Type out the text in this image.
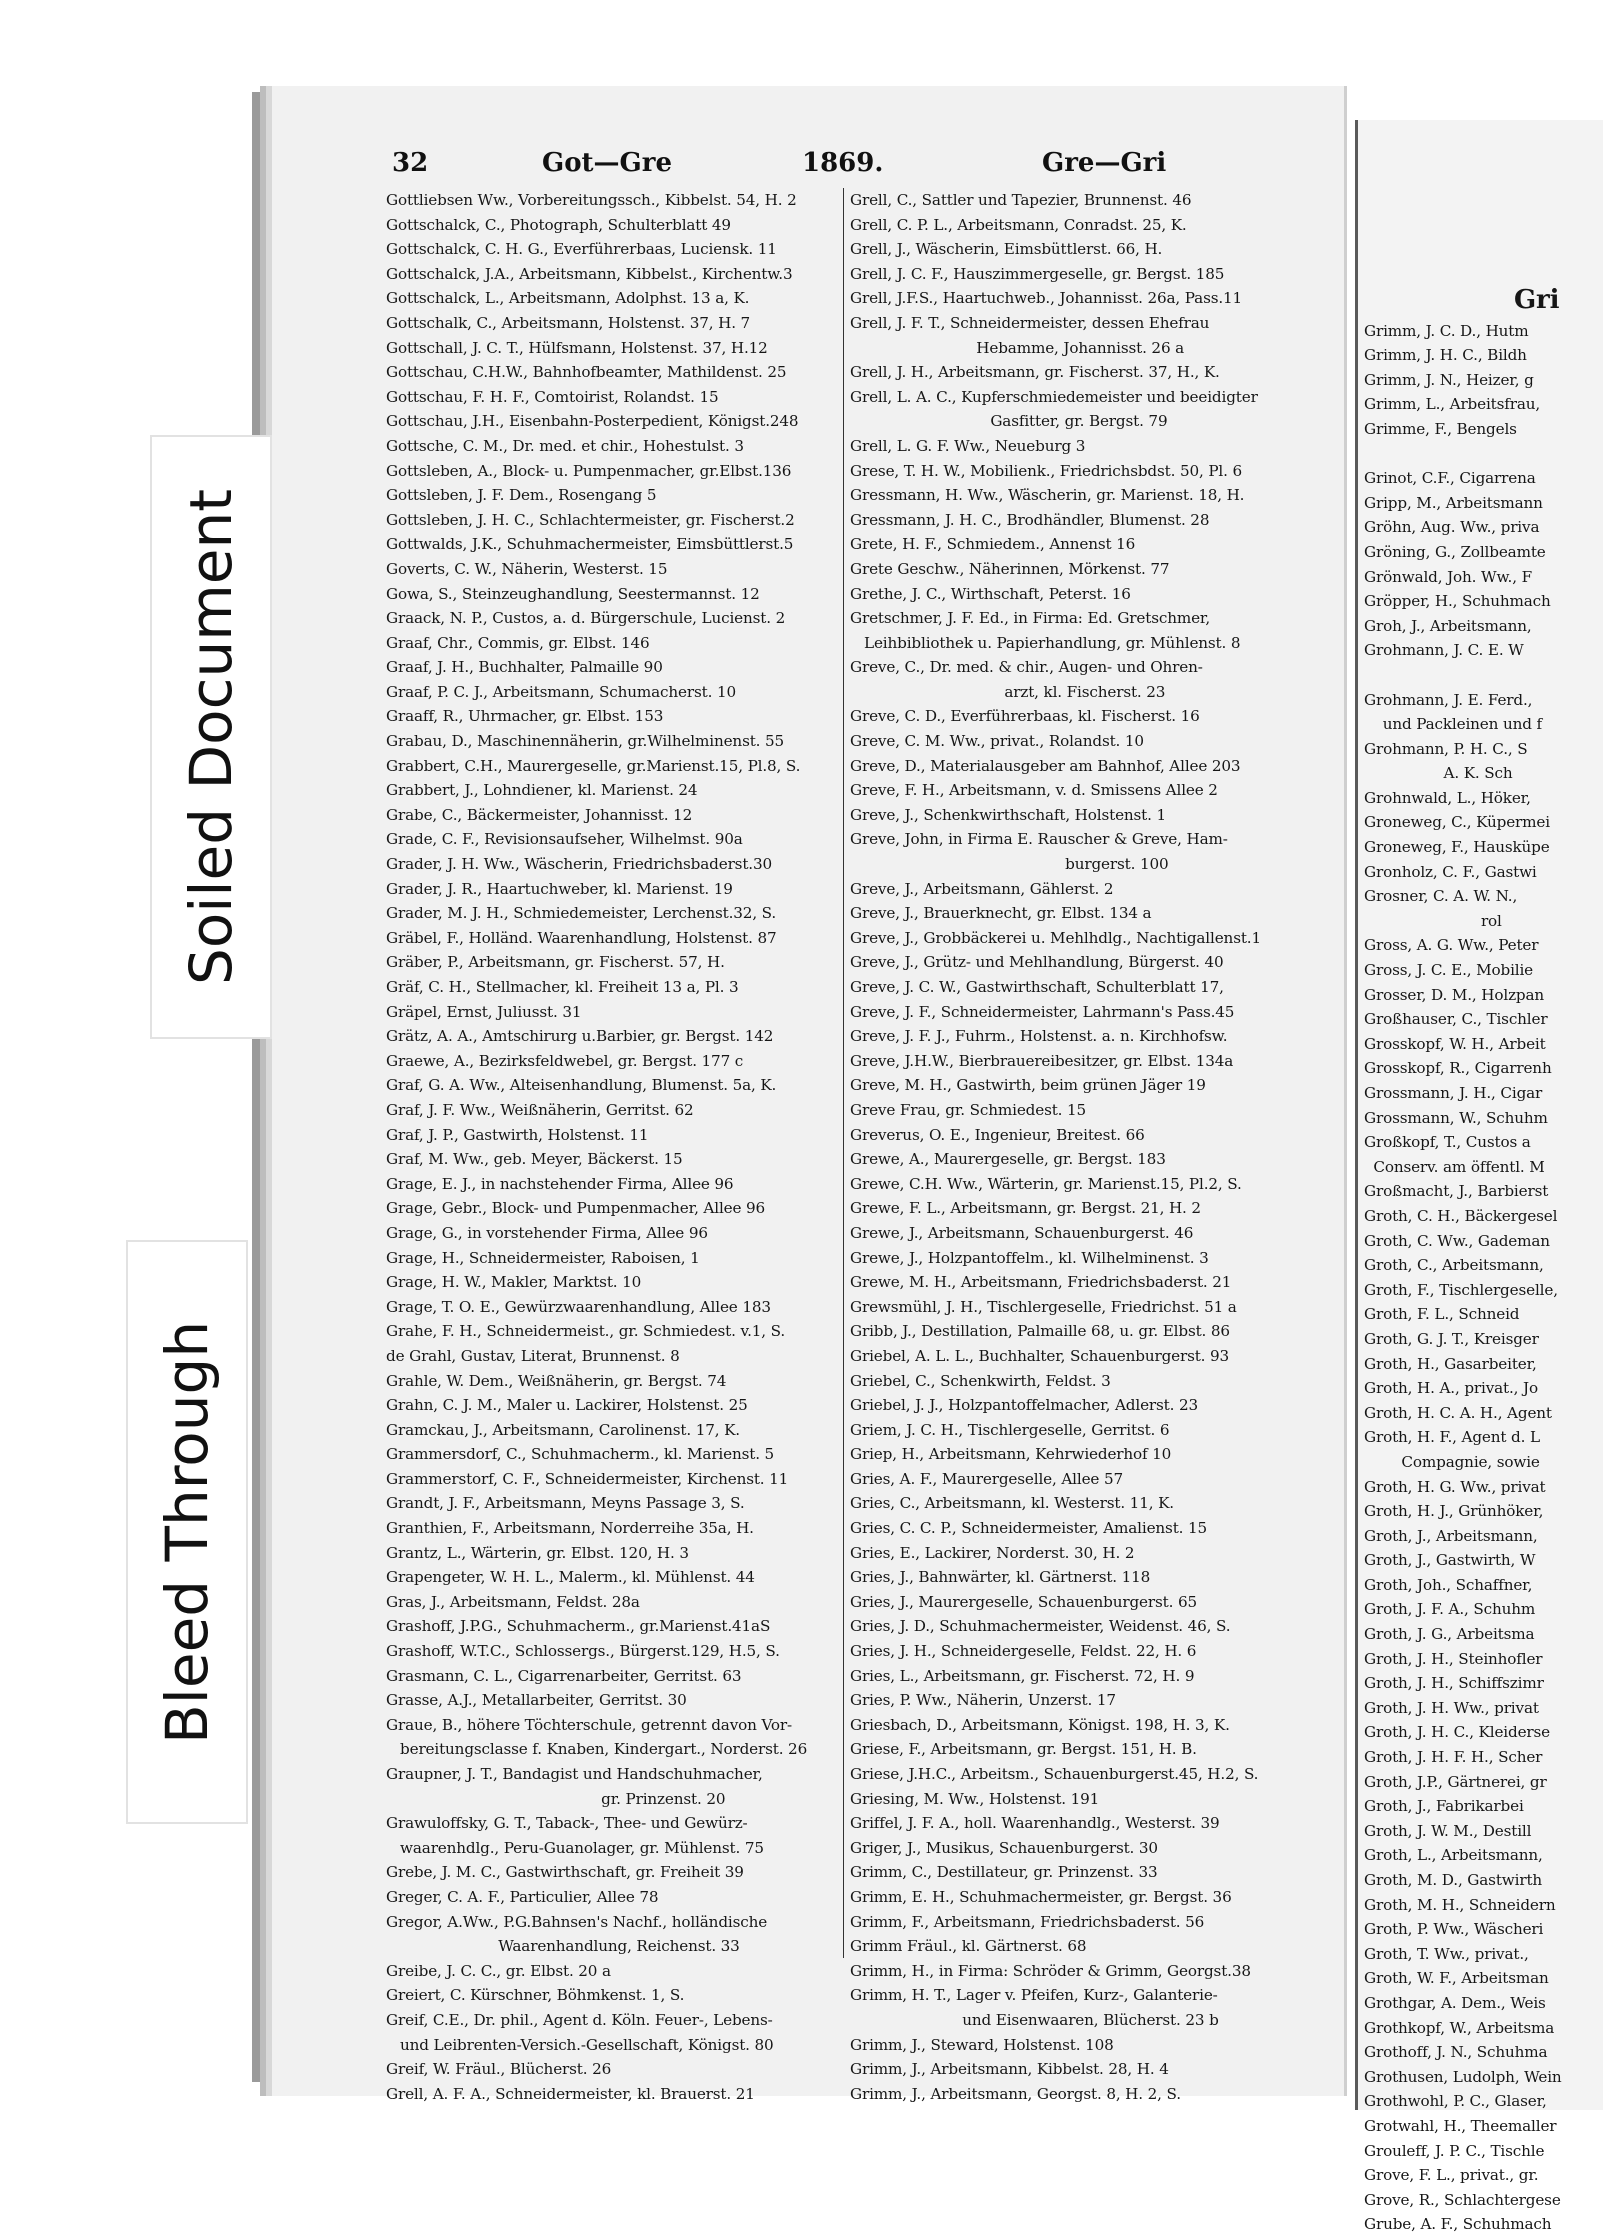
Gri
Grimm, J. C. D., Hutm
Grimm, J. H. C., Bildh
Grimm, J. N., Heizer, g
Grimm, L., Arbeitsfrau,
Grimme, F., Bengels

Grinot, C.F., Cigarrena
Gripp, M., Arbeitsmann
Gröhn, Aug. Ww., priva
Gröning, G., Zollbeamte
Grönwald, Joh. Ww., F
Gröpper, H., Schuhmach
Groh, J., Arbeitsmann,
Grohmann, J. C. E. W

Grohmann, J. E. Ferd.,
und Packleinen und f
Grohmann, P. H. C., S
A. K. Sch
Grohnwald, L., Höker,
Groneweg, C., Küpermei
Groneweg, F., Hausküpe
Gronholz, C. F., Gastwi
Grosner, C. A. W. N.,
rol
Gross, A. G. Ww., Peter
Gross, J. C. E., Mobilie
Grosser, D. M., Holzpan
Großhauser, C., Tischler
Grosskopf, W. H., Arbeit
Grosskopf, R., Cigarrenh
Grossmann, J. H., Cigar
Grossmann, W., Schuhm
Großkopf, T., Custos a
Conserv. am öffentl. M
Großmacht, J., Barbierst
Groth, C. H., Bäckergesel
Groth, C. Ww., Gademan
Groth, C., Arbeitsmann,
Groth, F., Tischlergeselle,
Groth, F. L., Schneid
Groth, G. J. T., Kreisger
Groth, H., Gasarbeiter,
Groth, H. A., privat., Jo
Groth, H. C. A. H., Agent
Groth, H. F., Agent d. L
Compagnie, sowie
Groth, H. G. Ww., privat
Groth, H. J., Grünhöker,
Groth, J., Arbeitsmann,
Groth, J., Gastwirth, W
Groth, Joh., Schaffner,
Groth, J. F. A., Schuhm
Groth, J. G., Arbeitsma
Groth, J. H., Steinhofler
Groth, J. H., Schiffszimr
Groth, J. H. Ww., privat
Groth, J. H. C., Kleiderse
Groth, J. H. F. H., Scher
Groth, J.P., Gärtnerei, gr
Groth, J., Fabrikarbei
Groth, J. W. M., Destill
Groth, L., Arbeitsmann,
Groth, M. D., Gastwirth
Groth, M. H., Schneidern
Groth, P. Ww., Wäscheri
Groth, T. Ww., privat.,
Groth, W. F., Arbeitsman
Grothgar, A. Dem., Weis
Grothkopf, W., Arbeitsma
Grothoff, J. N., Schuhma
Grothusen, Ludolph, Wein
Grothwohl, P. C., Glaser,
Grotwahl, H., Theemaller
Grouleff, J. P. C., Tischle
Grove, F. L., privat., gr.
Grove, R., Schlachtergese
Grube, A. F., Schuhmach
32	Got—Gre	1869.	Gre—Gri
Gottliebsen Ww., Vorbereitungssch., Kibbelst. 54, H. 2
Gottschalck, C., Photograph, Schulterblatt 49
Gottschalck, C. H. G., Everführerbaas, Luciensk. 11
Gottschalck, J.A., Arbeitsmann, Kibbelst., Kirchentw.3
Gottschalck, L., Arbeitsmann, Adolphst. 13 a, K.
Gottschalk, C., Arbeitsmann, Holstenst. 37, H. 7
Gottschall, J. C. T., Hülfsmann, Holstenst. 37, H.12
Gottschau, C.H.W., Bahnhofbeamter, Mathildenst. 25
Gottschau, F. H. F., Comtoirist, Rolandst. 15
Gottschau, J.H., Eisenbahn-Posterpedient, Königst.248
Gottsche, C. M., Dr. med. et chir., Hohestulst. 3
Gottsleben, A., Block- u. Pumpenmacher, gr.Elbst.136
Gottsleben, J. F. Dem., Rosengang 5
Gottsleben, J. H. C., Schlachtermeister, gr. Fischerst.2
Gottwalds, J.K., Schuhmachermeister, Eimsbüttlerst.5
Goverts, C. W., Näherin, Westerst. 15
Gowa, S., Steinzeughandlung, Seestermannst. 12
Graack, N. P., Custos, a. d. Bürgerschule, Lucienst. 2
Graaf, Chr., Commis, gr. Elbst. 146
Graaf, J. H., Buchhalter, Palmaille 90
Graaf, P. C. J., Arbeitsmann, Schumacherst. 10
Graaff, R., Uhrmacher, gr. Elbst. 153
Grabau, D., Maschinennäherin, gr.Wilhelminenst. 55
Grabbert, C.H., Maurergeselle, gr.Marienst.15, Pl.8, S.
Grabbert, J., Lohndiener, kl. Marienst. 24
Grabe, C., Bäckermeister, Johannisst. 12
Grade, C. F., Revisionsaufseher, Wilhelmst. 90a
Grader, J. H. Ww., Wäscherin, Friedrichsbaderst.30
Grader, J. R., Haartuchweber, kl. Marienst. 19
Grader, M. J. H., Schmiedemeister, Lerchenst.32, S.
Gräbel, F., Holländ. Waarenhandlung, Holstenst. 87
Gräber, P., Arbeitsmann, gr. Fischerst. 57, H.
Gräf, C. H., Stellmacher, kl. Freiheit 13 a, Pl. 3
Gräpel, Ernst, Juliusst. 31
Grätz, A. A., Amtschirurg u.Barbier, gr. Bergst. 142
Graewe, A., Bezirksfeldwebel, gr. Bergst. 177 c
Graf, G. A. Ww., Alteisenhandlung, Blumenst. 5a, K.
Graf, J. F. Ww., Weißnäherin, Gerritst. 62
Graf, J. P., Gastwirth, Holstenst. 11
Graf, M. Ww., geb. Meyer, Bäckerst. 15
Grage, E. J., in nachstehender Firma, Allee 96
Grage, Gebr., Block- und Pumpenmacher, Allee 96
Grage, G., in vorstehender Firma, Allee 96
Grage, H., Schneidermeister, Raboisen, 1
Grage, H. W., Makler, Marktst. 10
Grage, T. O. E., Gewürzwaarenhandlung, Allee 183
Grahe, F. H., Schneidermeist., gr. Schmiedest. v.1, S.
de Grahl, Gustav, Literat, Brunnenst. 8
Grahle, W. Dem., Weißnäherin, gr. Bergst. 74
Grahn, C. J. M., Maler u. Lackirer, Holstenst. 25
Gramckau, J., Arbeitsmann, Carolinenst. 17, K.
Grammersdorf, C., Schuhmacherm., kl. Marienst. 5
Grammerstorf, C. F., Schneidermeister, Kirchenst. 11
Grandt, J. F., Arbeitsmann, Meyns Passage 3, S.
Granthien, F., Arbeitsmann, Norderreihe 35a, H.
Grantz, L., Wärterin, gr. Elbst. 120, H. 3
Grapengeter, W. H. L., Malerm., kl. Mühlenst. 44
Gras, J., Arbeitsmann, Feldst. 28a
Grashoff, J.P.G., Schuhmacherm., gr.Marienst.41aS
Grashoff, W.T.C., Schlossergs., Bürgerst.129, H.5, S.
Grasmann, C. L., Cigarrenarbeiter, Gerritst. 63
Grasse, A.J., Metallarbeiter, Gerritst. 30
Graue, B., höhere Töchterschule, getrennt davon Vor-
bereitungsclasse f. Knaben, Kindergart., Norderst. 26
Graupner, J. T., Bandagist und Handschuhmacher,
gr. Prinzenst. 20
Grawuloffsky, G. T., Taback-, Thee- und Gewürz-
waarenhdlg., Peru-Guanolager, gr. Mühlenst. 75
Grebe, J. M. C., Gastwirthschaft, gr. Freiheit 39
Greger, C. A. F., Particulier, Allee 78
Gregor, A.Ww., P.G.Bahnsen's Nachf., holländische
Waarenhandlung, Reichenst. 33
Greibe, J. C. C., gr. Elbst. 20 a
Greiert, C. Kürschner, Böhmkenst. 1, S.
Greif, C.E., Dr. phil., Agent d. Köln. Feuer-, Lebens-
und Leibrenten-Versich.-Gesellschaft, Königst. 80
Greif, W. Fräul., Blücherst. 26
Grell, A. F. A., Schneidermeister, kl. Brauerst. 21
Grell, C., Sattler und Tapezier, Brunnenst. 46
Grell, C. P. L., Arbeitsmann, Conradst. 25, K.
Grell, J., Wäscherin, Eimsbüttlerst. 66, H.
Grell, J. C. F., Hauszimmergeselle, gr. Bergst. 185
Grell, J.F.S., Haartuchweb., Johannisst. 26a, Pass.11
Grell, J. F. T., Schneidermeister, dessen Ehefrau
Hebamme, Johannisst. 26 a
Grell, J. H., Arbeitsmann, gr. Fischerst. 37, H., K.
Grell, L. A. C., Kupferschmiedemeister und beeidigter
Gasfitter, gr. Bergst. 79
Grell, L. G. F. Ww., Neueburg 3
Grese, T. H. W., Mobilienk., Friedrichsbdst. 50, Pl. 6
Gressmann, H. Ww., Wäscherin, gr. Marienst. 18, H.
Gressmann, J. H. C., Brodhändler, Blumenst. 28
Grete, H. F., Schmiedem., Annenst 16
Grete Geschw., Näherinnen, Mörkenst. 77
Grethe, J. C., Wirthschaft, Peterst. 16
Gretschmer, J. F. Ed., in Firma: Ed. Gretschmer,
Leihbibliothek u. Papierhandlung, gr. Mühlenst. 8
Greve, C., Dr. med. & chir., Augen- und Ohren-
arzt, kl. Fischerst. 23
Greve, C. D., Everführerbaas, kl. Fischerst. 16
Greve, C. M. Ww., privat., Rolandst. 10
Greve, D., Materialausgeber am Bahnhof, Allee 203
Greve, F. H., Arbeitsmann, v. d. Smissens Allee 2
Greve, J., Schenkwirthschaft, Holstenst. 1
Greve, John, in Firma E. Rauscher & Greve, Ham-
burgerst. 100
Greve, J., Arbeitsmann, Gählerst. 2
Greve, J., Brauerknecht, gr. Elbst. 134 a
Greve, J., Grobbäckerei u. Mehlhdlg., Nachtigallenst.1
Greve, J., Grütz- und Mehlhandlung, Bürgerst. 40
Greve, J. C. W., Gastwirthschaft, Schulterblatt 17,
Greve, J. F., Schneidermeister, Lahrmann's Pass.45
Greve, J. F. J., Fuhrm., Holstenst. a. n. Kirchhofsw.
Greve, J.H.W., Bierbrauereibesitzer, gr. Elbst. 134a
Greve, M. H., Gastwirth, beim grünen Jäger 19
Greve Frau, gr. Schmiedest. 15
Greverus, O. E., Ingenieur, Breitest. 66
Grewe, A., Maurergeselle, gr. Bergst. 183
Grewe, C.H. Ww., Wärterin, gr. Marienst.15, Pl.2, S.
Grewe, F. L., Arbeitsmann, gr. Bergst. 21, H. 2
Grewe, J., Arbeitsmann, Schauenburgerst. 46
Grewe, J., Holzpantoffelm., kl. Wilhelminenst. 3
Grewe, M. H., Arbeitsmann, Friedrichsbaderst. 21
Grewsmühl, J. H., Tischlergeselle, Friedrichst. 51 a
Gribb, J., Destillation, Palmaille 68, u. gr. Elbst. 86
Griebel, A. L. L., Buchhalter, Schauenburgerst. 93
Griebel, C., Schenkwirth, Feldst. 3
Griebel, J. J., Holzpantoffelmacher, Adlerst. 23
Griem, J. C. H., Tischlergeselle, Gerritst. 6
Griep, H., Arbeitsmann, Kehrwiederhof 10
Gries, A. F., Maurergeselle, Allee 57
Gries, C., Arbeitsmann, kl. Westerst. 11, K.
Gries, C. C. P., Schneidermeister, Amalienst. 15
Gries, E., Lackirer, Norderst. 30, H. 2
Gries, J., Bahnwärter, kl. Gärtnerst. 118
Gries, J., Maurergeselle, Schauenburgerst. 65
Gries, J. D., Schuhmachermeister, Weidenst. 46, S.
Gries, J. H., Schneidergeselle, Feldst. 22, H. 6
Gries, L., Arbeitsmann, gr. Fischerst. 72, H. 9
Gries, P. Ww., Näherin, Unzerst. 17
Griesbach, D., Arbeitsmann, Königst. 198, H. 3, K.
Griese, F., Arbeitsmann, gr. Bergst. 151, H. B.
Griese, J.H.C., Arbeitsm., Schauenburgerst.45, H.2, S.
Griesing, M. Ww., Holstenst. 191
Griffel, J. F. A., holl. Waarenhandlg., Westerst. 39
Griger, J., Musikus, Schauenburgerst. 30
Grimm, C., Destillateur, gr. Prinzenst. 33
Grimm, E. H., Schuhmachermeister, gr. Bergst. 36
Grimm, F., Arbeitsmann, Friedrichsbaderst. 56
Grimm Fräul., kl. Gärtnerst. 68
Grimm, H., in Firma: Schröder & Grimm, Georgst.38
Grimm, H. T., Lager v. Pfeifen, Kurz-, Galanterie-
und Eisenwaaren, Blücherst. 23 b
Grimm, J., Steward, Holstenst. 108
Grimm, J., Arbeitsmann, Kibbelst. 28, H. 4
Grimm, J., Arbeitsmann, Georgst. 8, H. 2, S.
Soiled Document
Bleed Through
